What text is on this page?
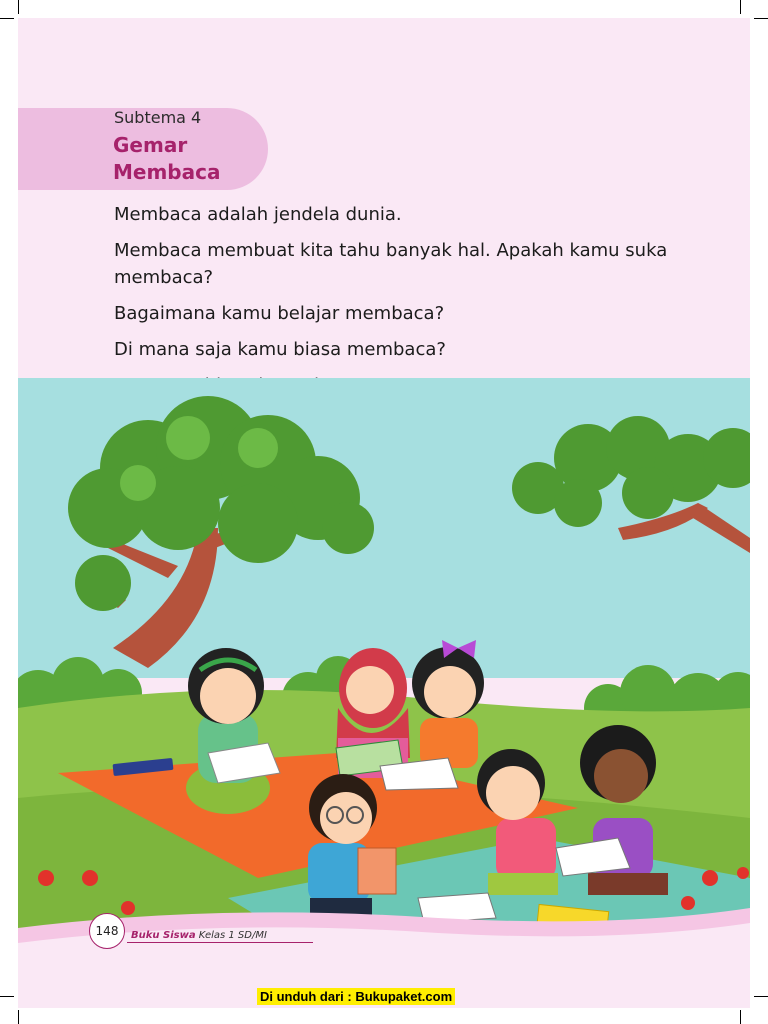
Subtema 4
Gemar
Membaca

Membaca adalah jendela dunia.

Membaca membuat kita tahu banyak hal. Apakah kamu suka membaca?

Bagaimana kamu belajar membaca?

Di mana saja kamu biasa membaca?

148	Buku Siswa Kelas 1 SD/MI
Di unduh dari : Bukupaket.com
